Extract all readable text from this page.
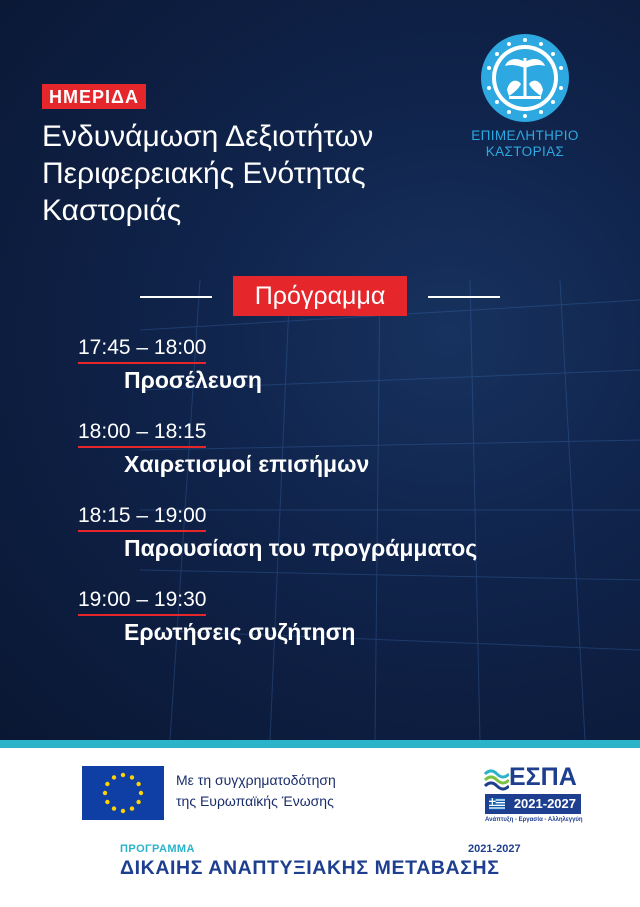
ΗΜΕΡΙΔΑ
Ενδυνάμωση Δεξιοτήτων
Περιφερειακής Ενότητας
Καστοριάς
ΕΠΙΜΕΛΗΤΗΡΙΟ
ΚΑΣΤΟΡΙΑΣ
Πρόγραμμα
17:45 – 18:00
Προσέλευση
18:00 – 18:15
Χαιρετισμοί επισήμων
18:15 – 19:00
Παρουσίαση του προγράμματος
19:00 – 19:30
Ερωτήσεις συζήτηση
Με τη συγχρηματοδότηση
της Ευρωπαϊκής Ένωσης
ΕΣΠΑ
2021-2027
Ανάπτυξη - Εργασία - Αλληλεγγύη
ΠΡΟΓΡΑΜΜΑ	2021-2027
ΔΙΚΑΙΗΣ ΑΝΑΠΤΥΞΙΑΚΗΣ ΜΕΤΑΒΑΣΗΣ
